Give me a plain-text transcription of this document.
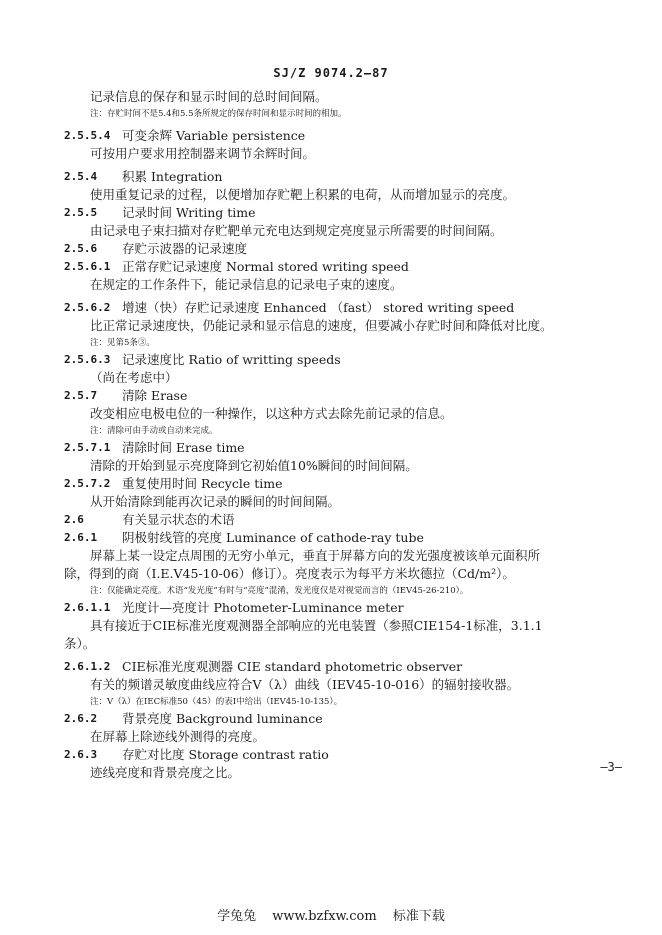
SJ/Z 9074.2—87
记录信息的保存和显示时间的总时间间隔。
注：存贮时间不是5.4和5.5条所规定的保存时间和显示时间的相加。
2.5.5.4 可变余辉 Variable persistence
可按用户要求用控制器来调节余辉时间。
2.5.4 积累 Integration
使用重复记录的过程，以便增加存贮靶上积累的电荷，从而增加显示的亮度。
2.5.5 记录时间 Writing time
由记录电子束扫描对存贮靶单元充电达到规定亮度显示所需要的时间间隔。
2.5.6 存贮示波器的记录速度
2.5.6.1 正常存贮记录速度 Normal stored writing speed
在规定的工作条件下，能记录信息的记录电子束的速度。
2.5.6.2 增速（快）存贮记录速度 Enhanced （fast） stored writing speed
比正常记录速度快，仍能记录和显示信息的速度，但要减小存贮时间和降低对比度。
注：见第5条③。
2.5.6.3 记录速度比 Ratio of writting speeds
（尚在考虑中）
2.5.7 清除 Erase
改变相应电极电位的一种操作，以这种方式去除先前记录的信息。
注：清除可由手动或自动来完成。
2.5.7.1 清除时间 Erase time
清除的开始到显示亮度降到它初始值10%瞬间的时间间隔。
2.5.7.2 重复使用时间 Recycle time
从开始清除到能再次记录的瞬间的时间间隔。
2.6	有关显示状态的术语
2.6.1 阴极射线管的亮度 Luminance of cathode-ray tube
屏幕上某一设定点周围的无穷小单元，垂直于屏幕方向的发光强度被该单元面积所
除，得到的商（I.E.V45-10-06）修订）。亮度表示为每平方米坎德拉（Cd/m²）。
注：仅能确定亮度。术语“发光度”有时与“亮度”混淆，发光度仅是对视觉而言的（IEV45-26-210）。
2.6.1.1 光度计—亮度计 Photometer-Luminance meter
具有接近于CIE标准光度观测器全部响应的光电装置（参照CIE154-1标准，3.1.1
条）。
2.6.1.2 CIE标准光度观测器 CIE standard photometric observer
有关的频谱灵敏度曲线应符合V（λ）曲线（IEV45-10-016）的辐射接收器。
注：V（λ）在IEC标准50（45）的表I中给出（IEV45-10-135）。
2.6.2 背景亮度 Background luminance
在屏幕上除迹线外测得的亮度。
2.6.3 存贮对比度 Storage contrast ratio
迹线亮度和背景亮度之比。	—3—
学兔兔 www.bzfxw.com 标准下载
